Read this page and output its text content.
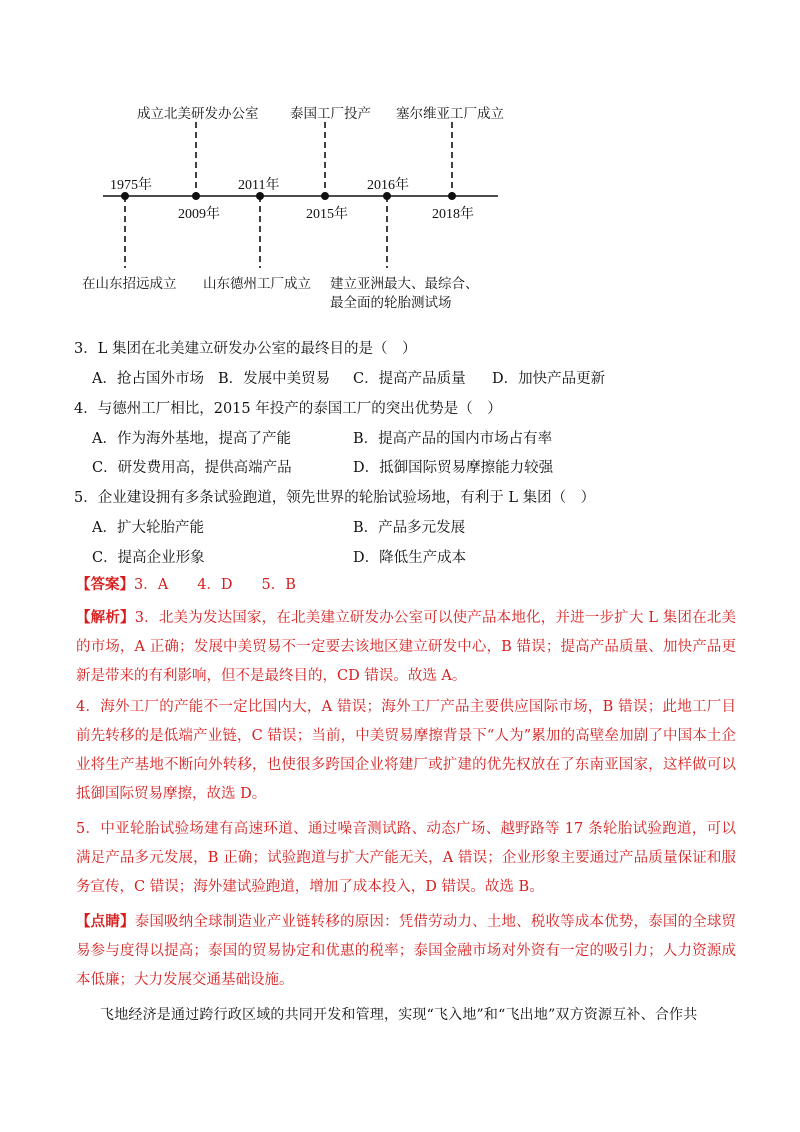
1975年
2009年
2011年
2015年
2016年
2018年
成立北美研发办公室 泰国工厂投产 塞尔维亚工厂成立
在山东招远成立 山东德州工厂成立 建立亚洲最大、最综合、
最全面的轮胎测试场
3．L 集团在北美建立研发办公室的最终目的是（　）
A．抢占国外市场 B．发展中美贸易 C．提高产品质量 D．加快产品更新
4．与德州工厂相比，2015 年投产的泰国工厂的突出优势是（　）
A．作为海外基地，提高了产能	B．提高产品的国内市场占有率
C．研发费用高，提供高端产品	D．抵御国际贸易摩擦能力较强
5．企业建设拥有多条试验跑道，领先世界的轮胎试验场地，有利于 L 集团（　）
A．扩大轮胎产能	B．产品多元发展
C．提高企业形象	D．降低生产成本
【答案】3．A　　4．D　　5．B
【解析】3．北美为发达国家，在北美建立研发办公室可以使产品本地化，并进一步扩大 L 集团在北美的市场，A 正确；发展中美贸易不一定要去该地区建立研发中心，B 错误；提高产品质量、加快产品更新是带来的有利影响，但不是最终目的，CD 错误。故选 A。
4．海外工厂的产能不一定比国内大，A 错误；海外工厂产品主要供应国际市场，B 错误；此地工厂目前先转移的是低端产业链，C 错误；当前，中美贸易摩擦背景下“人为”累加的高壁垒加剧了中国本土企业将生产基地不断向外转移，也使很多跨国企业将建厂或扩建的优先权放在了东南亚国家，这样做可以抵御国际贸易摩擦，故选 D。
5．中亚轮胎试验场建有高速环道、通过噪音测试路、动态广场、越野路等 17 条轮胎试验跑道，可以满足产品多元发展，B 正确；试验跑道与扩大产能无关，A 错误；企业形象主要通过产品质量保证和服务宣传，C 错误；海外建试验跑道，增加了成本投入，D 错误。故选 B。
【点睛】泰国吸纳全球制造业产业链转移的原因：凭借劳动力、土地、税收等成本优势，泰国的全球贸易参与度得以提高；泰国的贸易协定和优惠的税率；泰国金融市场对外资有一定的吸引力；人力资源成本低廉；大力发展交通基础设施。
飞地经济是通过跨行政区域的共同开发和管理，实现“飞入地”和“飞出地”双方资源互补、合作共
